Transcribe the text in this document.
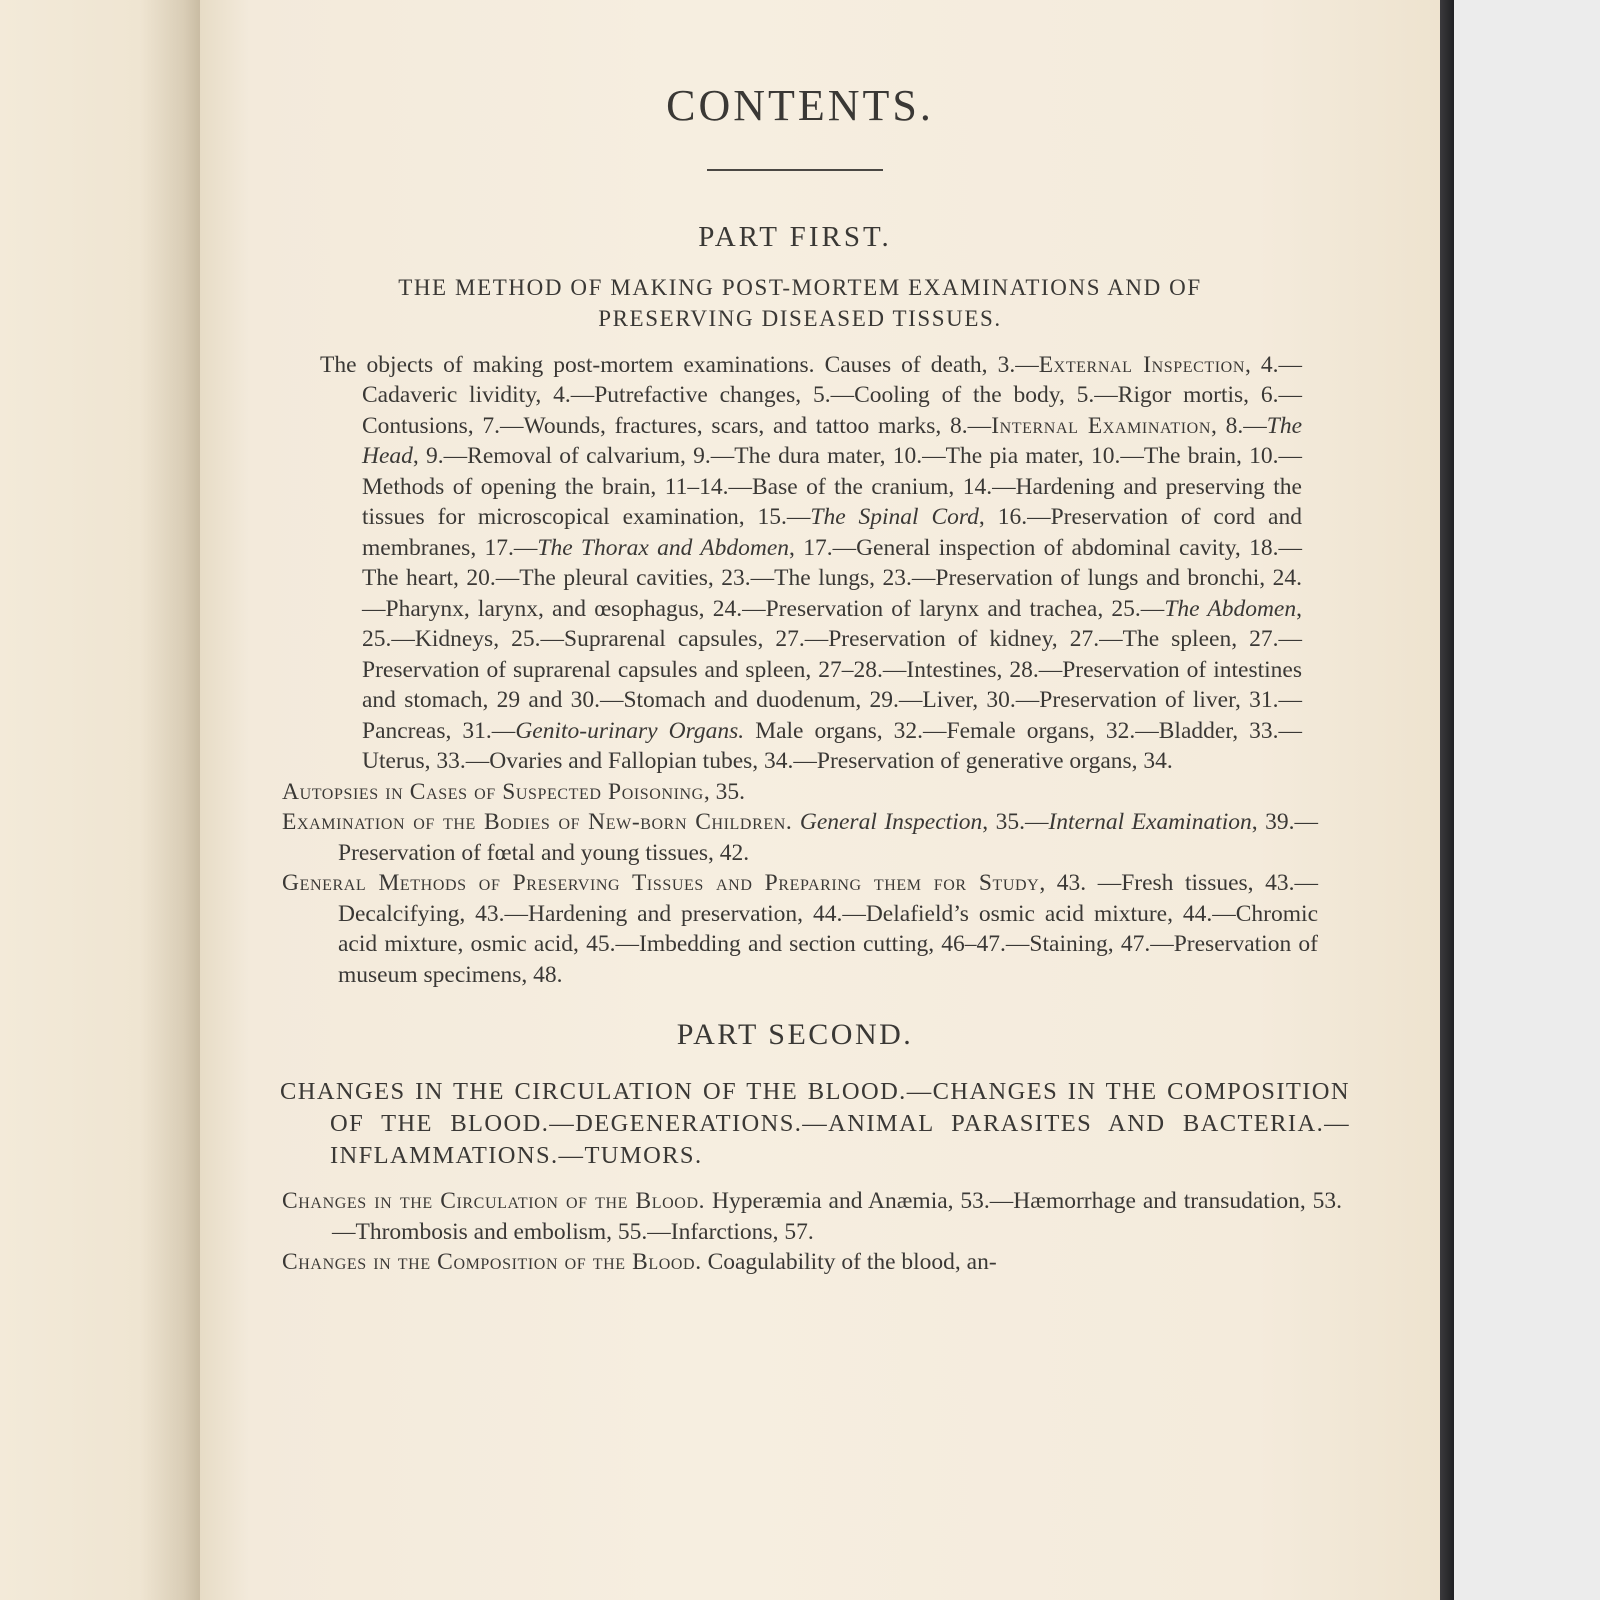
CONTENTS.
PART FIRST.
THE METHOD OF MAKING POST-MORTEM EXAMINATIONS AND OF
PRESERVING DISEASED TISSUES.

The objects of making post-mortem examinations. Causes of death, 3.—External Inspection, 4.—Cadaveric lividity, 4.—Putrefactive changes, 5.—Cooling of the body, 5.—Rigor mortis, 6.—Contusions, 7.—Wounds, fractures, scars, and tattoo marks, 8.—Internal Examination, 8.—The Head, 9.—Removal of calvarium, 9.—The dura mater, 10.—The pia mater, 10.—The brain, 10.—Methods of opening the brain, 11–14.—Base of the cranium, 14.—Hardening and preserving the tissues for microscopical examination, 15.—The Spinal Cord, 16.—Preservation of cord and membranes, 17.—The Thorax and Abdomen, 17.—General inspection of abdominal cavity, 18.—The heart, 20.—The pleural cavities, 23.—The lungs, 23.—Preservation of lungs and bronchi, 24.—Pharynx, larynx, and œsophagus, 24.—Preservation of larynx and trachea, 25.—The Abdomen, 25.—Kidneys, 25.—Suprarenal capsules, 27.—Preservation of kidney, 27.—The spleen, 27.—Preservation of suprarenal capsules and spleen, 27–28.—Intestines, 28.—Preservation of intestines and stomach, 29 and 30.—Stomach and duodenum, 29.—Liver, 30.—Preservation of liver, 31.—Pancreas, 31.—Genito-urinary Organs. Male organs, 32.—Female organs, 32.—Bladder, 33.—Uterus, 33.—Ovaries and Fallopian tubes, 34.—Preservation of generative organs, 34.

Autopsies in Cases of Suspected Poisoning, 35.

Examination of the Bodies of New-born Children. General Inspection, 35.—Internal Examination, 39.—Preservation of fœtal and young tissues, 42.

General Methods of Preserving Tissues and Preparing them for Study, 43. —Fresh tissues, 43.—Decalcifying, 43.—Hardening and preservation, 44.—Delafield’s osmic acid mixture, 44.—Chromic acid mixture, osmic acid, 45.—Imbedding and section cutting, 46–47.—Staining, 47.—Preservation of museum specimens, 48.

PART SECOND.
CHANGES IN THE CIRCULATION OF THE BLOOD.—CHANGES IN THE COMPOSITION OF THE BLOOD.—DEGENERATIONS.—ANIMAL PARASITES AND BACTERIA.—INFLAMMATIONS.—TUMORS.

Changes in the Circulation of the Blood. Hyperæmia and Anæmia, 53.—Hæmorrhage and transudation, 53.—Thrombosis and embolism, 55.—Infarctions, 57.

Changes in the Composition of the Blood. Coagulability of the blood, an-
